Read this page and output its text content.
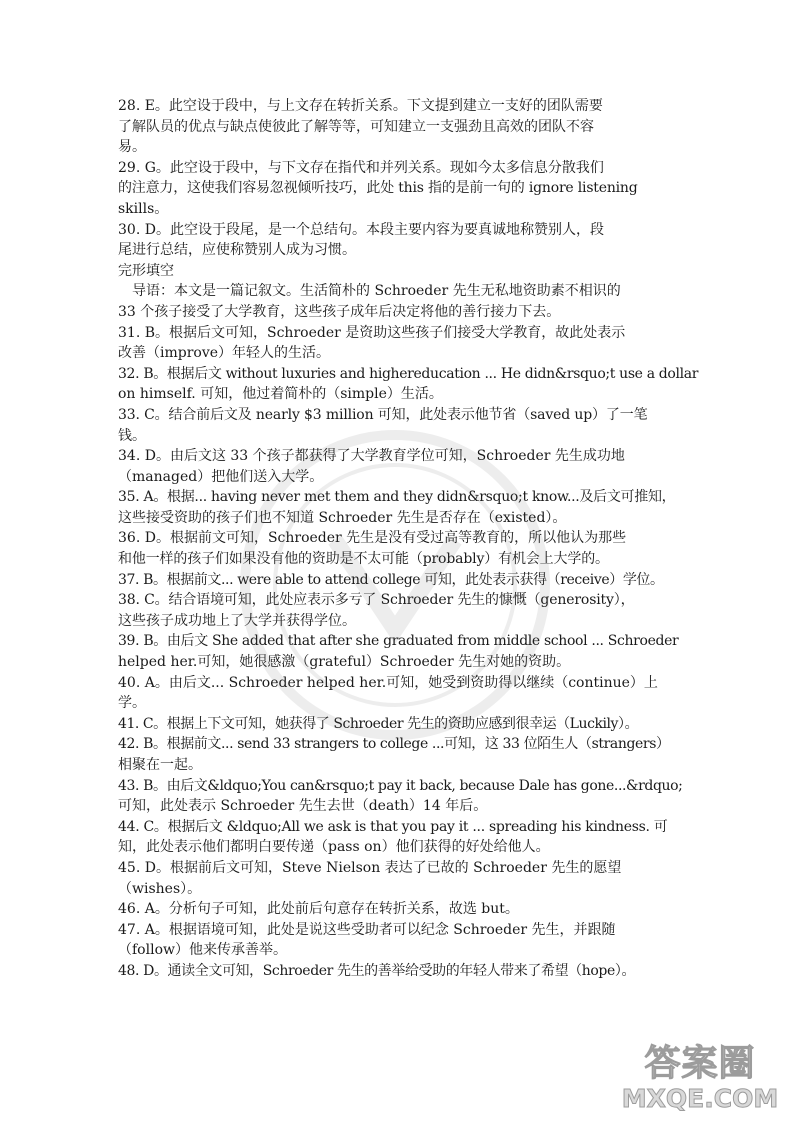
28. E。此空设于段中，与上文存在转折关系。下文提到建立一支好的团队需要
了解队员的优点与缺点使彼此了解等等，可知建立一支强劲且高效的团队不容
易。
29. G。此空设于段中，与下文存在指代和并列关系。现如今太多信息分散我们
的注意力，这使我们容易忽视倾听技巧，此处 this 指的是前一句的 ignore listening
skills。
30. D。此空设于段尾，是一个总结句。本段主要内容为要真诚地称赞别人，段
尾进行总结，应使称赞别人成为习惯。
完形填空
导语：本文是一篇记叙文。生活简朴的 Schroeder 先生无私地资助素不相识的
33 个孩子接受了大学教育，这些孩子成年后决定将他的善行接力下去。
31. B。根据后文可知，Schroeder 是资助这些孩子们接受大学教育，故此处表示
改善（improve）年轻人的生活。
32. B。根据后文 without luxuries and highereducation ... He didn&rsquo;t use a dollar
on himself. 可知，他过着简朴的（simple）生活。
33. C。结合前后文及 nearly $3 million 可知，此处表示他节省（saved up）了一笔
钱。
34. D。由后文这 33 个孩子都获得了大学教育学位可知，Schroeder 先生成功地
（managed）把他们送入大学。
35. A。根据... having never met them and they didn&rsquo;t know...及后文可推知，
这些接受资助的孩子们也不知道 Schroeder 先生是否存在（existed）。
36. D。根据前文可知，Schroeder 先生是没有受过高等教育的，所以他认为那些
和他一样的孩子们如果没有他的资助是不太可能（probably）有机会上大学的。
37. B。根据前文... were able to attend college 可知，此处表示获得（receive）学位。
38. C。结合语境可知，此处应表示多亏了 Schroeder 先生的慷慨（generosity），
这些孩子成功地上了大学并获得学位。
39. B。由后文 She added that after she graduated from middle school ... Schroeder
helped her.可知，她很感激（grateful）Schroeder 先生对她的资助。
40. A。由后文... Schroeder helped her.可知，她受到资助得以继续（continue）上
学。
41. C。根据上下文可知，她获得了 Schroeder 先生的资助应感到很幸运（Luckily）。
42. B。根据前文... send 33 strangers to college ...可知，这 33 位陌生人（strangers）
相聚在一起。
43. B。由后文&ldquo;You can&rsquo;t pay it back, because Dale has gone...&rdquo;
可知，此处表示 Schroeder 先生去世（death）14 年后。
44. C。根据后文 &ldquo;All we ask is that you pay it ... spreading his kindness. 可
知，此处表示他们都明白要传递（pass on）他们获得的好处给他人。
45. D。根据前后文可知，Steve Nielson 表达了已故的 Schroeder 先生的愿望
（wishes）。
46. A。分析句子可知，此处前后句意存在转折关系，故选 but。
47. A。根据语境可知，此处是说这些受助者可以纪念 Schroeder 先生，并跟随
（follow）他来传承善举。
48. D。通读全文可知，Schroeder 先生的善举给受助的年轻人带来了希望（hope）。
答案圈
MXQE.COM
